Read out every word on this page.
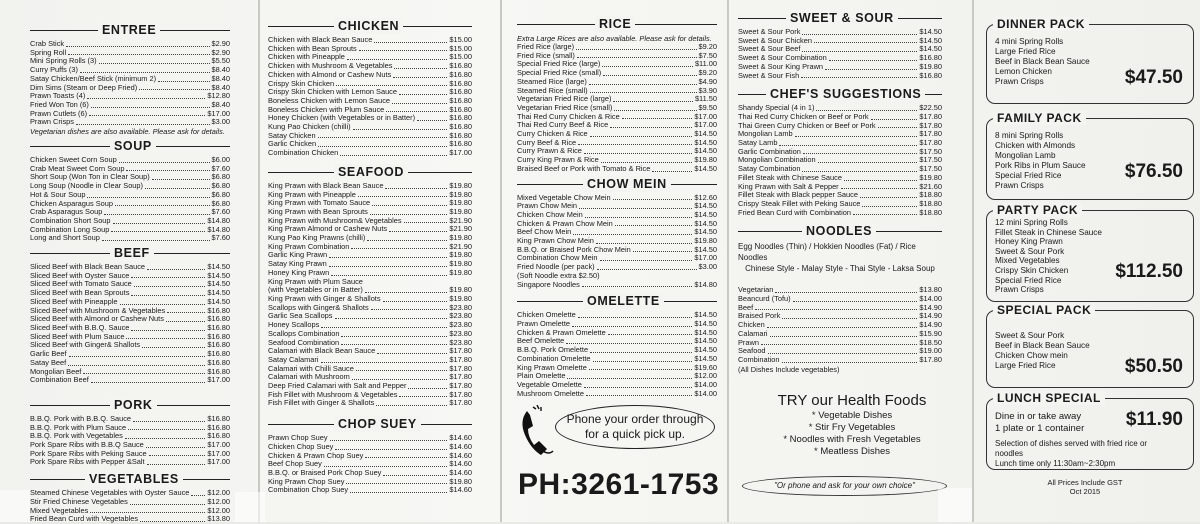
ENTREE
Crab Stick	$2.90
Spring Roll	$2.90
Mini Spring Rolls (3)	$5.50
Curry Puffs (3)	$8.40
Satay Chicken/Beef Stick (minimum 2)	$8.40
Dim Sims (Steam or Deep Fried)	$8.40
Prawn Toasts (4)	$12.80
Fried Won Ton (6)	$8.40
Prawn Cutlets (6)	$17.00
Prawn Crisps	$3.00
Vegetarian dishes are also available. Please ask for details.
SOUP
Chicken Sweet Corn Soup	$6.00
Crab Meat Sweet Corn Soup	$7.60
Short Soup (Won Ton in Clear Soup)	$6.80
Long Soup (Noodle in Clear Soup)	$6.80
Hot & Sour Soup	$6.80
Chicken Asparagus Soup	$6.80
Crab Asparagus Soup	$7.60
Combination Short Soup	$14.80
Combination Long Soup	$14.80
Long and Short Soup	$7.60
BEEF
Sliced Beef with Black Bean Sauce	$14.50
Sliced Beef with Oyster Sauce	$14.50
Sliced Beef with Tomato Sauce	$14.50
Sliced Beef with Bean Sprouts	$14.50
Sliced Beef with Pineapple	$14.50
Sliced Beef with Mushroom & Vegetables	$16.80
Sliced Beef with Almond or Cashew Nuts	$16.80
Sliced Beef with B.B.Q. Sauce	$16.80
Sliced Beef with Plum Sauce	$16.80
Sliced Beef with Ginger& Shallots	$16.80
Garlic Beef	$16.80
Satay Beef	$16.80
Mongolian Beef	$16.80
Combination Beef	$17.00
PORK
B.B.Q. Pork with B.B.Q. Sauce	$16.80
B.B.Q. Pork with Plum Sauce	$16.80
B.B.Q. Pork with Vegetables	$16.80
Pork Spare Ribs with B.B.Q Sauce	$17.00
Pork Spare Ribs with Peking Sauce	$17.00
Pork Spare Ribs with Pepper &Salt	$17.00
VEGETABLES
Steamed Chinese Vegetables with Oyster Sauce $12.00
Stir Fried Chinese Vegetables	$12.00
Mixed Vegetables	$12.00
Fried Bean Curd with Vegetables	$13.80
CHICKEN
Chicken with Black Bean Sauce	$15.00
Chicken with Bean Sprouts	$15.00
Chicken with Pineapple	$15.00
Chicken with Mushroom & Vegetables	$16.80
Chicken with Almond or Cashew Nuts	$16.80
Crispy Skin Chicken	$16.80
Crispy Skin Chicken with Lemon Sauce	$16.80
Boneless Chicken with Lemon Sauce	$16.80
Boneless Chicken with Plum Sauce	$16.80
Honey Chicken (with Vegetables or in Batter)	$16.80
Kung Pao Chicken (chilli)	$16.80
Satay Chicken	$16.80
Garlic Chicken	$16.80
Combination Chicken	$17.00
SEAFOOD
King Prawn with Black Bean Sauce	$19.80
King Prawn with Pineapple	$19.80
King Prawn with Tomato Sauce	$19.80
King Prawn with Bean Sprouts	$19.80
King Prawn with Mushroom& Vegetables	$21.90
King Prawn Almond or Cashew Nuts	$21.90
Kung Pao King Prawns (chilli)	$19.80
King Prawn Combination	$21.90
Garlic King Prawn	$19.80
Satay King Prawn	$19.80
Honey King Prawn	$19.80
King Prawn with Plum Sauce
(with Vegetables or in Batter)	$19.80
King Prawn with Ginger & Shallots	$19.80
Scallops with Ginger& Shallots	$23.80
Garlic Sea Scallops	$23.80
Honey Scallops	$23.80
Scallops Combination	$23.80
Seafood Combination	$23.80
Calamari with Black Bean Sauce	$17.80
Satay Calamari	$17.80
Calamari with Chilli Sauce	$17.80
Calamari with Mushroom	$17.80
Deep Fried Calamari with Salt and Pepper	$17.80
Fish Fillet with Mushroom & Vegetables	$17.80
Fish Fillet with Ginger & Shallots	$17.80
CHOP SUEY
Prawn Chop Suey	$14.60
Chicken Chop Suey	$14.60
Chicken & Prawn Chop Suey	$14.60
Beef Chop Suey	$14.60
B.B.Q. or Braised Pork Chop Suey	$14.60
King Prawn Chop Suey	$19.80
Combination Chop Suey	$14.60
RICE
Extra Large Rices are also available. Please ask for details.
Fried Rice (large)	$9.20
Fried Rice (small)	$7.50
Special Fried Rice (large)	$11.00
Special Fried Rice (small)	$9.20
Steamed Rice (large)	$4.90
Steamed Rice (small)	$3.90
Vegetarian Fried Rice (large)	$11.50
Vegetarian Fried Rice (small)	$9.50
Thai Red Curry Chicken & Rice	$17.00
Thai Red Curry Beef & Rice	$17.00
Curry Chicken & Rice	$14.50
Curry Beef & Rice	$14.50
Curry Prawn & Rice	$14.50
Curry King Prawn & Rice	$19.80
Braised Beef or Pork with Tomato & Rice	$14.50
CHOW MEIN
Mixed Vegetable Chow Mein	$12.60
Prawn Chow Mein	$14.50
Chicken Chow Mein	$14.50
Chicken & Prawn Chow Mein	$14.50
Beef Chow Mein	$14.50
King Prawn Chow Mein	$19.80
B.B.Q. or Braised Pork Chow Mein	$14.50
Combination Chow Mein	$17.00
Fried Noodle (per pack)	$3.00
(Soft Noodle extra $2.50)
Singapore Noodles	$14.80
OMELETTE
Chicken Omelette	$14.50
Prawn Omelette	$14.50
Chicken & Prawn Omelette	$14.50
Beef Omelette	$14.50
B.B.Q. Pork Omelette	$14.50
Combination Omelette	$14.50
King Prawn Omelette	$19.60
Plain Omelette	$12.00
Vegetable Omelette	$14.00
Mushroom Omelette	$14.00
Phone your order through
for a quick pick up.
PH:3261-1753
SWEET & SOUR
Sweet & Sour Pork	$14.50
Sweet & Sour Chicken	$14.50
Sweet & Sour Beef	$14.50
Sweet & Sour Combination	$16.80
Sweet & Sour King Prawn	$19.80
Sweet & Sour Fish	$16.80
CHEF'S SUGGESTIONS
Shandy Special (4 in 1)	$22.50
Thai Red Curry Chicken or Beef or Pork	$17.80
Thai Green Curry Chicken or Beef or Pork	$17.80
Mongolian Lamb	$17.80
Satay Lamb	$17.80
Garlic Combination	$17.50
Mongolian Combination	$17.50
Satay Combination	$17.50
Fillet Steak with Chinese Sauce	$19.80
King Prawn with Salt & Pepper	$21.60
Fillet Steak with Black pepper Sauce	$18.80
Crispy Steak Fillet with Peking Sauce	$18.80
Fried Bean Curd with Combination	$18.80
NOODLES
Egg Noodles (Thin) / Hokkien Noodles (Fat) / Rice Noodles
Chinese Style - Malay Style - Thai Style - Laksa Soup
Vegetarian	$13.80
Beancurd (Tofu)	$14.00
Beef	$14.90
Braised Pork	$14.90
Chicken	$14.90
Calamari	$15.90
Prawn	$18.50
Seafood	$19.00
Combination	$17.80
(All Dishes Include vegetables)
TRY our Health Foods
* Vegetable Dishes
* Stir Fry Vegetables
* Noodles with Fresh Vegetables
* Meatless Dishes
"Or phone and ask for your own choice"
DINNER PACK
4 mini Spring Rolls
Large Fried Rice
Beef in Black Bean Sauce
Lemon Chicken
Prawn Crisps	$47.50
FAMILY PACK
8 mini Spring Rolls
Chicken with Almonds
Mongolian Lamb
Pork Ribs in Plum Sauce
Special Fried Rice
Prawn Crisps
$76.50
PARTY PACK
12 mini Spring Rolls
Fillet Steak in Chinese Sauce
Honey King Prawn
Sweet & Sour Pork
Mixed Vegetables
Crispy Skin Chicken
Special Fried Rice
Prawn Crisps
$112.50
SPECIAL PACK
Sweet & Sour Pork
Beef in Black Bean Sauce
Chicken Chow mein
Large Fried Rice	$50.50
LUNCH SPECIAL
Dine in or take away
1 plate or 1 container
Selection of dishes served with fried rice or
noodles
Lunch time only 11:30am~2:30pm
$11.90
All Prices Include GST
Oct 2015
